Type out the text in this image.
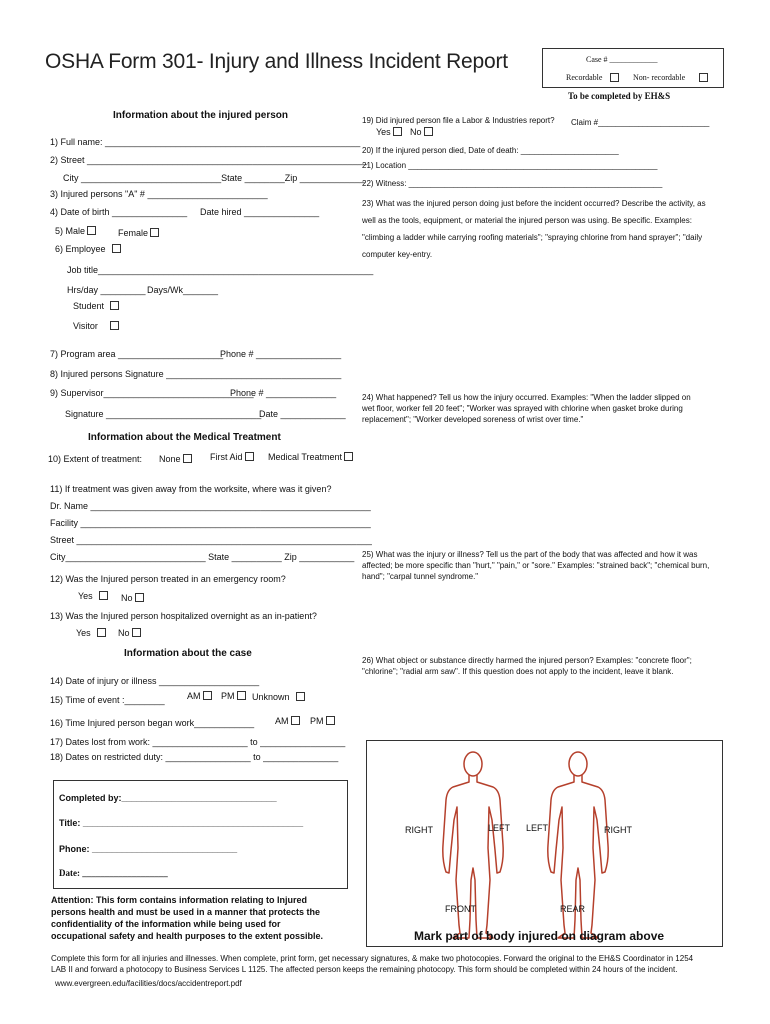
OSHA Form 301- Injury and Illness Incident Report	Case # ____________
Recordable	Non- recordable
To be completed by EH&S
Information about the injured person
1) Full name: ___________________________________________________
2) Street ________________________________________________________
City ____________________________State ________Zip _____________
3) Injured persons "A" # ________________________
4) Date of birth _______________ Date hired _______________
5) Male	Female
6) Employee
Job title_______________________________________________________
Hrs/day _________ Days/Wk_______
Student
Visitor
7) Program area _____________________
Phone # _________________
8) Injured persons Signature ___________________________________
9) Supervisor______________________________
Phone # ______________
Signature _______________________________
Date _____________
Information about the Medical Treatment
10) Extent of treatment: None	First Aid	Medical Treatment
11) If treatment was given away from the worksite, where was it given?
Dr. Name ________________________________________________________
Facility __________________________________________________________
Street ___________________________________________________________
City____________________________ State __________ Zip ___________
12) Was the Injured person treated in an emergency room?
Yes	No
13) Was the Injured person hospitalized overnight as an in-patient?
Yes	No
Information about the case
14) Date of injury or illness ____________________
15) Time of event :________ AM	PM	Unknown
16) Time Injured person began work____________ AM	PM
17) Dates lost from work: ___________________ to _________________
18) Dates on restricted duty: _________________ to _______________
Completed by:_______________________________
Title: ____________________________________________
Phone: _____________________________
Date: ___________________
Attention: This form contains information relating to Injured
persons health and must be used in a manner that protects the
confidentiality of the information while being used for
occupational safety and health purposes to the extent possible.
19) Did injured person file a Labor & Industries report? Claim #_________________________
Yes	No
20) If the injured person died, Date of death: ______________________
21) Location ________________________________________________________
22) Witness: _________________________________________________________
23) What was the injured person doing just before the incident occurred? Describe the activity, as
well as the tools, equipment, or material the injured person was using. Be specific. Examples:
"climbing a ladder while carrying roofing materials"; "spraying chlorine from hand sprayer"; "daily
computer key-entry.
24) What happened? Tell us how the injury occurred. Examples: "When the ladder slipped on
wet floor, worker fell 20 feet"; "Worker was sprayed with chlorine when gasket broke during
replacement"; "Worker developed soreness of wrist over time."
25) What was the injury or illness? Tell us the part of the body that was affected and how it was
affected; be more specific than "hurt," "pain," or "sore." Examples: "strained back"; "chemical burn,
hand"; "carpal tunnel syndrome."
26) What object or substance directly harmed the injured person? Examples: "concrete floor";
"chlorine"; "radial arm saw". If this question does not apply to the incident, leave it blank.
RIGHT	LEFT LEFT	RIGHT
FRONT	REAR
Mark part of body injured on diagram above
Complete this form for all injuries and illnesses. When complete, print form, get necessary signatures, & make two photocopies. Forward the original to the EH&S Coordinator in 1254
LAB II and forward a photocopy to Business Services L 1125. The affected person keeps the remaining photocopy. This form should be completed within 24 hours of the incident.
www.evergreen.edu/facilities/docs/accidentreport.pdf
